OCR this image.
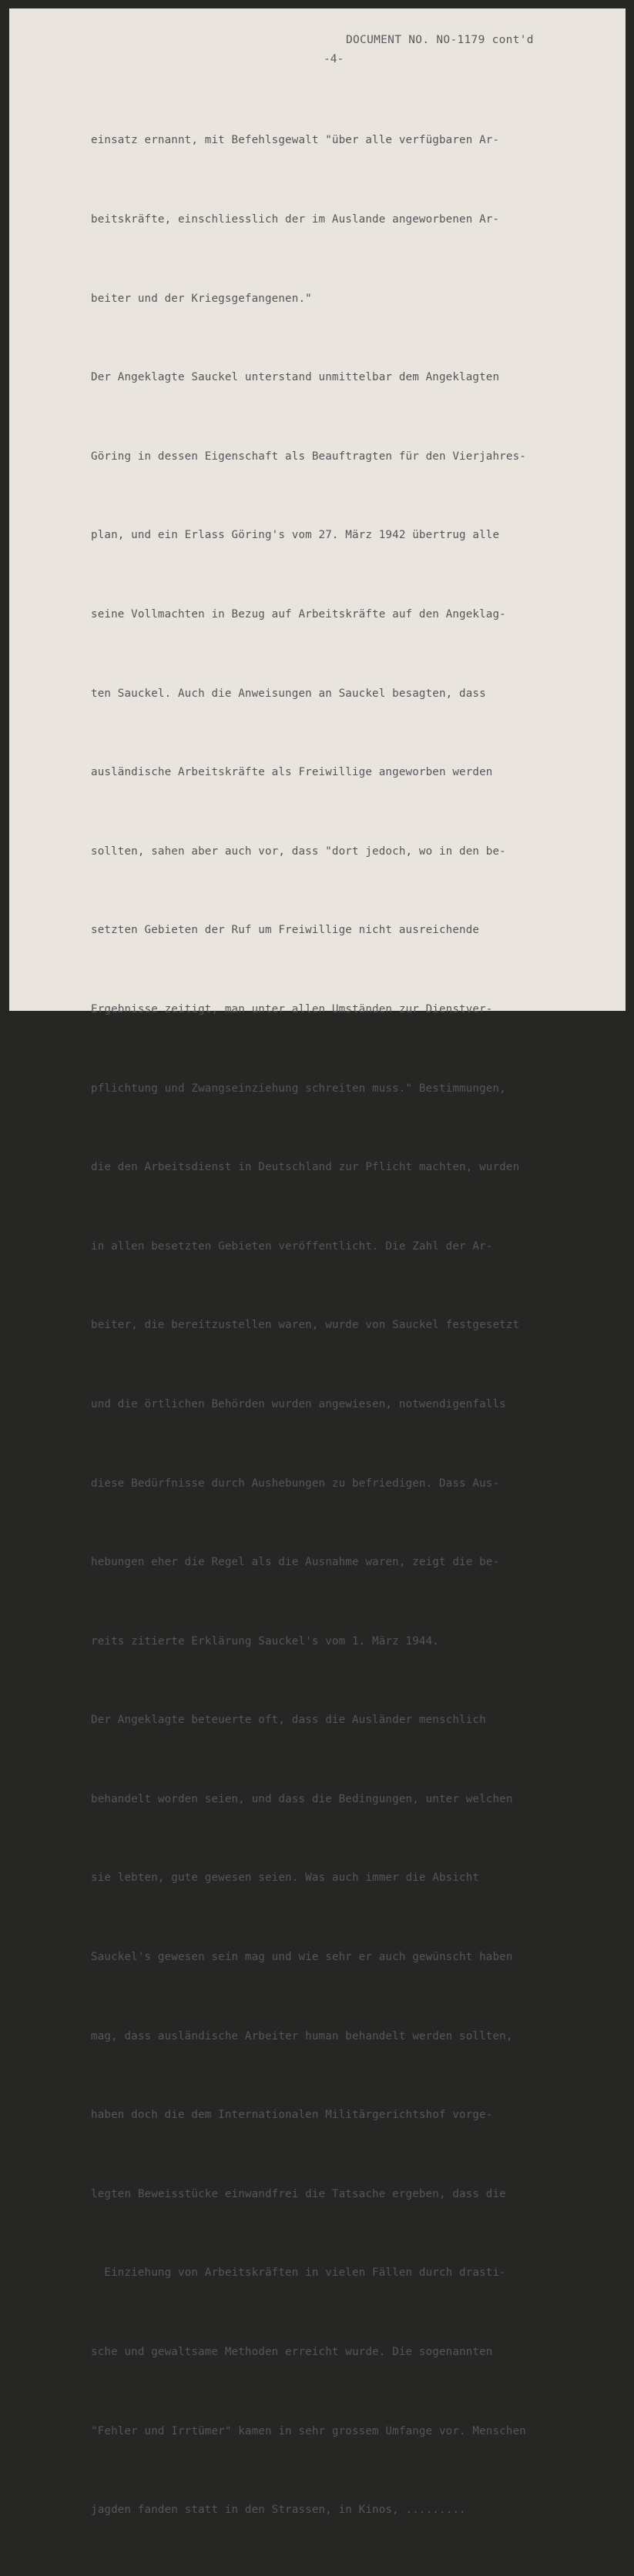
DOCUMENT NO. NO-1179 cont'd
-4-

einsatz ernannt, mit Befehlsgewalt "über alle verfügbaren Ar-

beitskräfte, einschliesslich der im Auslande angeworbenen Ar-

beiter und der Kriegsgefangenen."

Der Angeklagte Sauckel unterstand unmittelbar dem Angeklagten

Göring in dessen Eigenschaft als Beauftragten für den Vierjahres-

plan, und ein Erlass Göring's vom 27. März 1942 übertrug alle

seine Vollmachten in Bezug auf Arbeitskräfte auf den Angeklag-

ten Sauckel. Auch die Anweisungen an Sauckel besagten, dass

ausländische Arbeitskräfte als Freiwillige angeworben werden

sollten, sahen aber auch vor, dass "dort jedoch, wo in den be-

setzten Gebieten der Ruf um Freiwillige nicht ausreichende

Ergebnisse zeitigt, man unter allen Umständen zur Dienstver-

pflichtung und Zwangseinziehung schreiten muss." Bestimmungen,

die den Arbeitsdienst in Deutschland zur Pflicht machten, wurden

in allen besetzten Gebieten veröffentlicht. Die Zahl der Ar-

beiter, die bereitzustellen waren, wurde von Sauckel festgesetzt

und die örtlichen Behörden wurden angewiesen, notwendigenfalls

diese Bedürfnisse durch Aushebungen zu befriedigen. Dass Aus-

hebungen eher die Regel als die Ausnahme waren, zeigt die be-

reits zitierte Erklärung Sauckel's vom 1. März 1944.

Der Angeklagte beteuerte oft, dass die Ausländer menschlich

behandelt worden seien, und dass die Bedingungen, unter welchen

sie lebten, gute gewesen seien. Was auch immer die Absicht

Sauckel's gewesen sein mag und wie sehr er auch gewünscht haben

mag, dass ausländische Arbeiter human behandelt werden sollten,

haben doch die dem Internationalen Militärgerichtshof vorge-

legten Beweisstücke einwandfrei die Tatsache ergeben, dass die

Einziehung von Arbeitskräften in vielen Fällen durch drasti-

sche und gewaltsame Methoden erreicht wurde. Die sogenannten

"Fehler und Irrtümer" kamen in sehr grossem Umfange vor. Menschen

jagden fanden statt in den Strassen, in Kinos, .........
